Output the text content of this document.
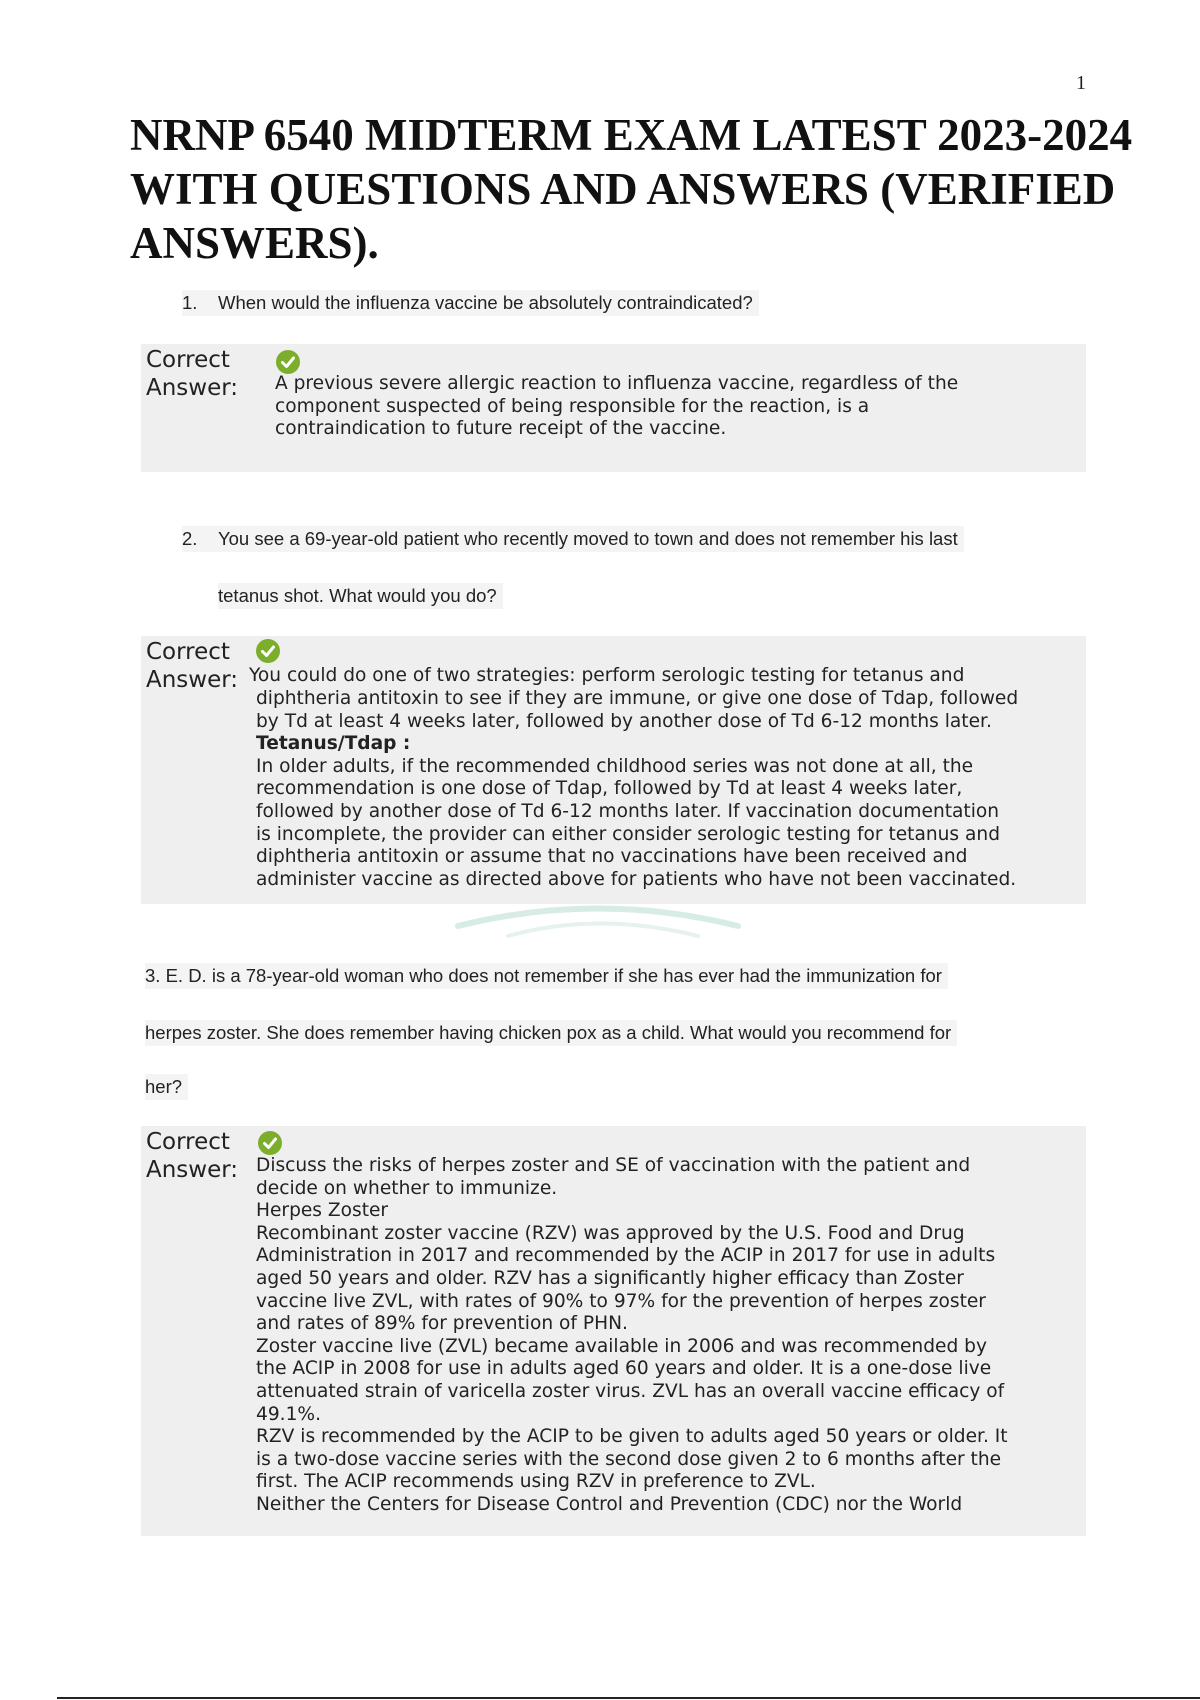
1
NRNP 6540 MIDTERM EXAM LATEST 2023-2024
WITH QUESTIONS AND ANSWERS (VERIFIED
ANSWERS).
1. When would the influenza vaccine be absolutely contraindicated?
Correct
Answer: A previous severe allergic reaction to influenza vaccine, regardless of the

component suspected of being responsible for the reaction, is a

contraindication to future receipt of the vaccine.

2. You see a 69-year-old patient who recently moved to town and does not remember his last
tetanus shot. What would you do?
Correct
Answer: You could do one of two strategies: perform serologic testing for tetanus and

diphtheria antitoxin to see if they are immune, or give one dose of Tdap, followed

by Td at least 4 weeks later, followed by another dose of Td 6-12 months later.

Tetanus/Tdap :

In older adults, if the recommended childhood series was not done at all, the

recommendation is one dose of Tdap, followed by Td at least 4 weeks later,

followed by another dose of Td 6-12 months later. If vaccination documentation

is incomplete, the provider can either consider serologic testing for tetanus and

diphtheria antitoxin or assume that no vaccinations have been received and

administer vaccine as directed above for patients who have not been vaccinated.

3. E. D. is a 78-year-old woman who does not remember if she has ever had the immunization for
herpes zoster. She does remember having chicken pox as a child. What would you recommend for
her?
Correct
Answer: Discuss the risks of herpes zoster and SE of vaccination with the patient and

decide on whether to immunize.

Herpes Zoster

Recombinant zoster vaccine (RZV) was approved by the U.S. Food and Drug

Administration in 2017 and recommended by the ACIP in 2017 for use in adults

aged 50 years and older. RZV has a significantly higher efficacy than Zoster

vaccine live ZVL, with rates of 90% to 97% for the prevention of herpes zoster

and rates of 89% for prevention of PHN.

Zoster vaccine live (ZVL) became available in 2006 and was recommended by

the ACIP in 2008 for use in adults aged 60 years and older. It is a one-dose live

attenuated strain of varicella zoster virus. ZVL has an overall vaccine efficacy of

49.1%.

RZV is recommended by the ACIP to be given to adults aged 50 years or older. It

is a two-dose vaccine series with the second dose given 2 to 6 months after the

first. The ACIP recommends using RZV in preference to ZVL.

Neither the Centers for Disease Control and Prevention (CDC) nor the World
